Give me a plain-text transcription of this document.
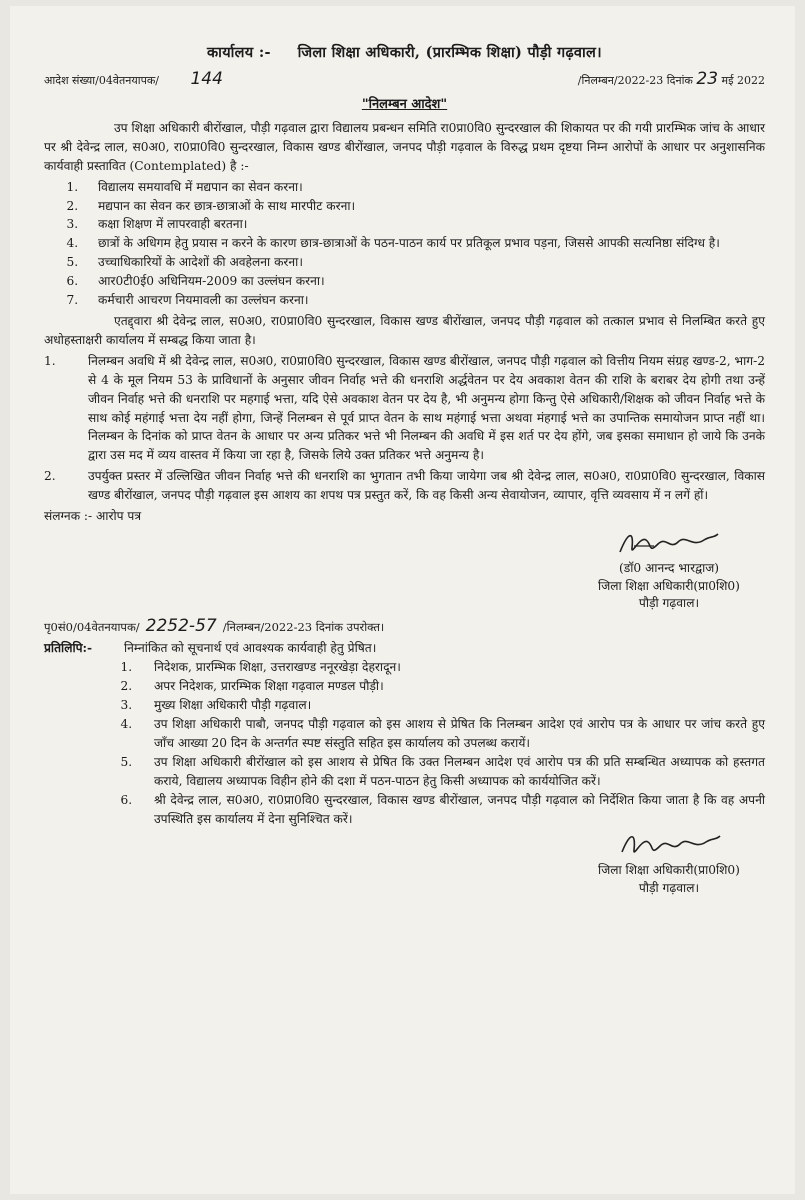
कार्यालय :- जिला शिक्षा अधिकारी, (प्रारम्भिक शिक्षा) पौड़ी गढ़वाल।
आदेश संख्या/04वेतनयापक/ 144	/निलम्बन/2022-23 दिनांक 23 मई 2022
"निलम्बन आदेश"

उप शिक्षा अधिकारी बीरोंखाल, पौड़ी गढ़वाल द्वारा विद्यालय प्रबन्धन समिति रा0प्रा0वि0 सुन्दरखाल की शिकायत पर की गयी प्रारम्भिक जांच के आधार पर श्री देवेन्द्र लाल, स0अ0, रा0प्रा0वि0 सुन्दरखाल, विकास खण्ड बीरोंखाल, जनपद पौड़ी गढ़वाल के विरुद्ध प्रथम दृष्टया निम्न आरोपों के आधार पर अनुशासनिक कार्यवाही प्रस्तावित (Contemplated) है :-

1. विद्यालय समयावधि में मद्यपान का सेवन करना।
2. मद्यपान का सेवन कर छात्र-छात्राओं के साथ मारपीट करना।
3. कक्षा शिक्षण में लापरवाही बरतना।
4. छात्रों के अधिगम हेतु प्रयास न करने के कारण छात्र-छात्राओं के पठन-पाठन कार्य पर प्रतिकूल प्रभाव पड़ना, जिससे आपकी सत्यनिष्ठा संदिग्ध है।
5. उच्चाधिकारियों के आदेशों की अवहेलना करना।
6. आर0टी0ई0 अधिनियम-2009 का उल्लंघन करना।
7. कर्मचारी आचरण नियमावली का उल्लंघन करना।

एतद्द्वारा श्री देवेन्द्र लाल, स0अ0, रा0प्रा0वि0 सुन्दरखाल, विकास खण्ड बीरोंखाल, जनपद पौड़ी गढ़वाल को तत्काल प्रभाव से निलम्बित करते हुए अधोहस्ताक्षरी कार्यालय में सम्बद्ध किया जाता है।

1.	निलम्बन अवधि में श्री देवेन्द्र लाल, स0अ0, रा0प्रा0वि0 सुन्दरखाल, विकास खण्ड बीरोंखाल, जनपद पौड़ी गढ़वाल को वित्तीय नियम संग्रह खण्ड-2, भाग-2 से 4 के मूल नियम 53 के प्राविधानों के अनुसार जीवन निर्वाह भत्ते की धनराशि अर्द्धवेतन पर देय अवकाश वेतन की राशि के बराबर देय होगी तथा उन्हें जीवन निर्वाह भत्ते की धनराशि पर महगाई भत्ता, यदि ऐसे अवकाश वेतन पर देय है, भी अनुमन्य होगा किन्तु ऐसे अधिकारी/शिक्षक को जीवन निर्वाह भत्ते के साथ कोई महंगाई भत्ता देय नहीं होगा, जिन्हें निलम्बन से पूर्व प्राप्त वेतन के साथ महंगाई भत्ता अथवा मंहगाई भत्ते का उपान्तिक समायोजन प्राप्त नहीं था। निलम्बन के दिनांक को प्राप्त वेतन के आधार पर अन्य प्रतिकर भत्ते भी निलम्बन की अवधि में इस शर्त पर देय होंगे, जब इसका समाधान हो जाये कि उनके द्वारा उस मद में व्यय वास्तव में किया जा रहा है, जिसके लिये उक्त प्रतिकर भत्ते अनुमन्य है।
2.	उपर्युक्त प्रस्तर में उल्लिखित जीवन निर्वाह भत्ते की धनराशि का भुगतान तभी किया जायेगा जब श्री देवेन्द्र लाल, स0अ0, रा0प्रा0वि0 सुन्दरखाल, विकास खण्ड बीरोंखाल, जनपद पौड़ी गढ़वाल इस आशय का शपथ पत्र प्रस्तुत करें, कि वह किसी अन्य सेवायोजन, व्यापार, वृत्ति व्यवसाय में न लगें हों।
संलग्नक :- आरोप पत्र
(डॉ0 आनन्द भारद्वाज)
जिला शिक्षा अधिकारी(प्रा0शि0)
पौड़ी गढ़वाल।
पृ0सं0/04वेतनयापक/ 2252-57 /निलम्बन/2022-23 दिनांक उपरोक्त।
प्रतिलिपि:-	निम्नांकित को सूचनार्थ एवं आवश्यक कार्यवाही हेतु प्रेषित।
1. निदेशक, प्रारम्भिक शिक्षा, उत्तराखण्ड ननूरखेड़ा देहरादून।
2. अपर निदेशक, प्रारम्भिक शिक्षा गढ़वाल मण्डल पौड़ी।
3. मुख्य शिक्षा अधिकारी पौड़ी गढ़वाल।
4. उप शिक्षा अधिकारी पाबौ, जनपद पौड़ी गढ़वाल को इस आशय से प्रेषित कि निलम्बन आदेश एवं आरोप पत्र के आधार पर जांच करते हुए जाँच आख्या 20 दिन के अन्तर्गत स्पष्ट संस्तुति सहित इस कार्यालय को उपलब्ध करायें।
5. उप शिक्षा अधिकारी बीरोंखाल को इस आशय से प्रेषित कि उक्त निलम्बन आदेश एवं आरोप पत्र की प्रति सम्बन्धित अध्यापक को हस्तगत कराये, विद्यालय अध्यापक विहीन होने की दशा में पठन-पाठन हेतु किसी अध्यापक को कार्ययोजित करें।
6. श्री देवेन्द्र लाल, स0अ0, रा0प्रा0वि0 सुन्दरखाल, विकास खण्ड बीरोंखाल, जनपद पौड़ी गढ़वाल को निर्देशित किया जाता है कि वह अपनी उपस्थिति इस कार्यालय में देना सुनिश्चित करें।
जिला शिक्षा अधिकारी(प्रा0शि0)
पौड़ी गढ़वाल।
